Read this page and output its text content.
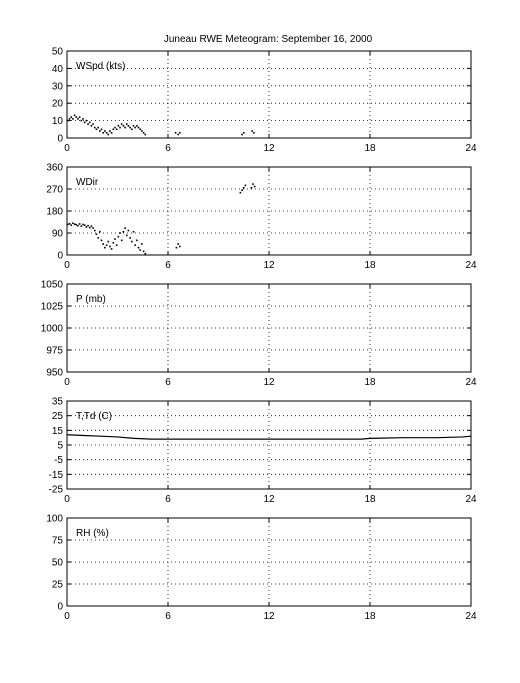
Juneau RWE Meteogram: September 16, 2000
0	6	12	18	24
0
10
20
30
40
50
WSpd (kts)
0	6	12	18	24
0
90
180
270
360
WDir
0	6	12	18	24
950
975
1000
1025
1050
P (mb)
0	6	12	18	24
-25
-15
-5
5
15
25
35
T,Td (C)
0	6	12	18	24
0
25
50
75
100
RH (%)
